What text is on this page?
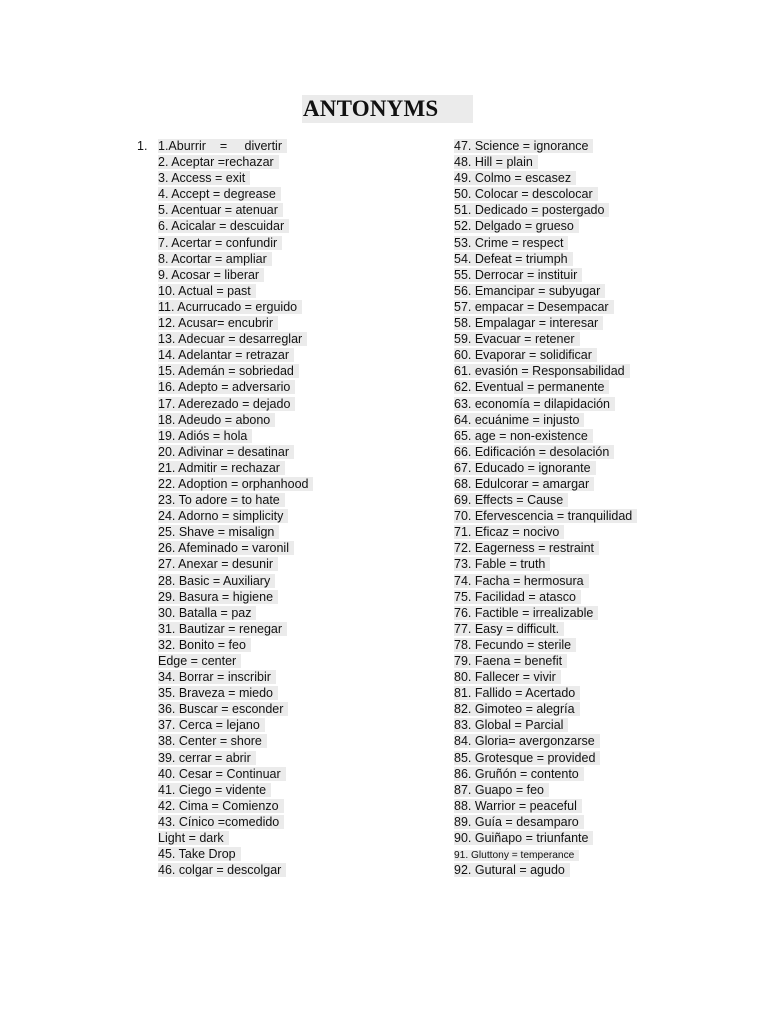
ANTONYMS
1. 1.Aburrir    =     divertir
2. Aceptar =rechazar
3. Access = exit
4. Accept = degrease
5. Acentuar = atenuar
6. Acicalar = descuidar
7. Acertar = confundir
8. Acortar = ampliar
9. Acosar = liberar
10. Actual = past
11. Acurrucado = erguido
12. Acusar= encubrir
13. Adecuar = desarreglar
14. Adelantar = retrazar
15. Ademán = sobriedad
16. Adepto = adversario
17. Aderezado = dejado
18. Adeudo = abono
19. Adiós = hola
20. Adivinar = desatinar
21. Admitir = rechazar
22. Adoption = orphanhood
23. To adore = to hate
24. Adorno = simplicity
25. Shave = misalign
26. Afeminado = varonil
27. Anexar = desunir
28. Basic = Auxiliary
29. Basura = higiene
30. Batalla = paz
31. Bautizar = renegar
32. Bonito = feo
Edge = center
34. Borrar = inscribir
35. Braveza = miedo
36. Buscar = esconder
37. Cerca = lejano
38. Center = shore
39. cerrar = abrir
40. Cesar = Continuar
41. Ciego = vidente
42. Cima = Comienzo
43. Cínico =comedido
Light = dark
45. Take Drop
46. colgar = descolgar
47. Science = ignorance
48. Hill = plain
49. Colmo = escasez
50. Colocar = descolocar
51. Dedicado = postergado
52. Delgado = grueso
53. Crime = respect
54. Defeat = triumph
55. Derrocar = instituir
56. Emancipar = subyugar
57. empacar = Desempacar
58. Empalagar = interesar
59. Evacuar = retener
60. Evaporar = solidificar
61. evasión = Responsabilidad
62. Eventual = permanente
63. economía = dilapidación
64. ecuánime = injusto
65. age = non-existence
66. Edificación = desolación
67. Educado = ignorante
68. Edulcorar = amargar
69. Effects = Cause
70. Efervescencia = tranquilidad
71. Eficaz = nocivo
72. Eagerness = restraint
73. Fable = truth
74. Facha = hermosura
75. Facilidad = atasco
76. Factible = irrealizable
77. Easy = difficult.
78. Fecundo = sterile
79. Faena = benefit
80. Fallecer = vivir
81. Fallido = Acertado
82. Gimoteo = alegría
83. Global = Parcial
84. Gloria= avergonzarse
85. Grotesque = provided
86. Gruñón = contento
87. Guapo = feo
88. Warrior = peaceful
89. Guía = desamparo
90. Guiñapo = triunfante
91. Gluttony = temperance
92. Gutural = agudo
